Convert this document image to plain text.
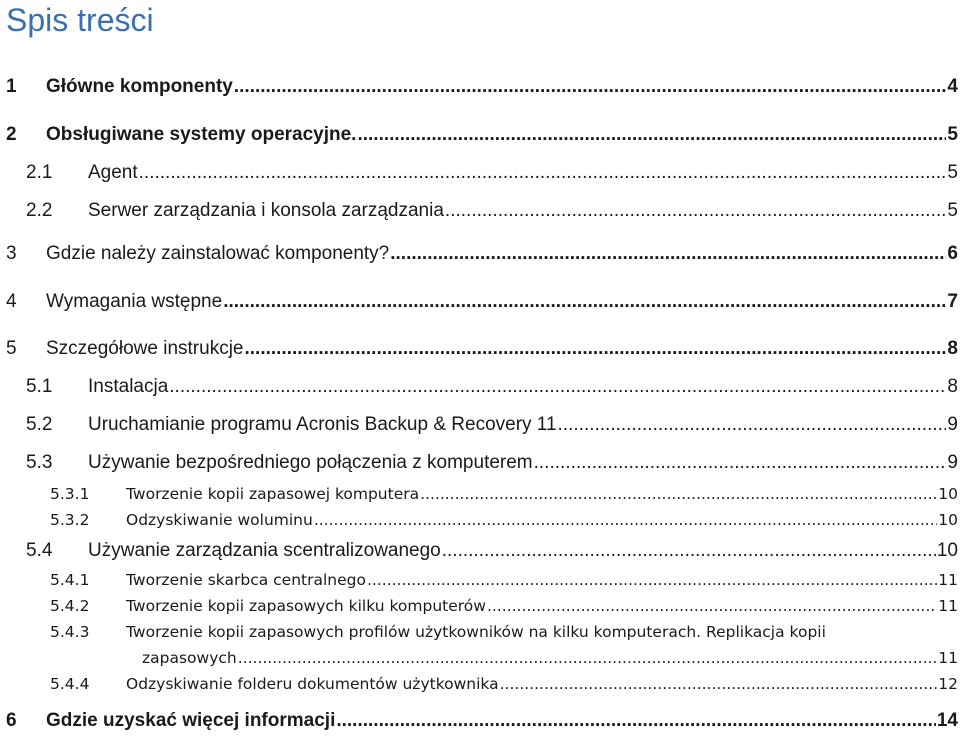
Spis treści
1	Główne komponenty .....	4
2	Obsługiwane systemy operacyjne. .....	5
2.1	Agent .....	5
2.2	Serwer zarządzania i konsola zarządzania .....	5
3	Gdzie należy zainstalować komponenty? .....	6
4	Wymagania wstępne .....	7
5	Szczegółowe instrukcje .....	8
5.1	Instalacja .....	8
5.2	Uruchamianie programu Acronis Backup & Recovery 11 .....	9
5.3	Używanie bezpośredniego połączenia z komputerem .....	9
5.3.1	Tworzenie kopii zapasowej komputera .....	10
5.3.2	Odzyskiwanie woluminu .....	10
5.4	Używanie zarządzania scentralizowanego .....	10
5.4.1	Tworzenie skarbca centralnego .....	11
5.4.2	Tworzenie kopii zapasowych kilku komputerów .....	11
5.4.3	Tworzenie kopii zapasowych profilów użytkowników na kilku komputerach. Replikacja kopii
zapasowych .....	11
5.4.4	Odzyskiwanie folderu dokumentów użytkownika .....	12
6	Gdzie uzyskać więcej informacji .....	14
